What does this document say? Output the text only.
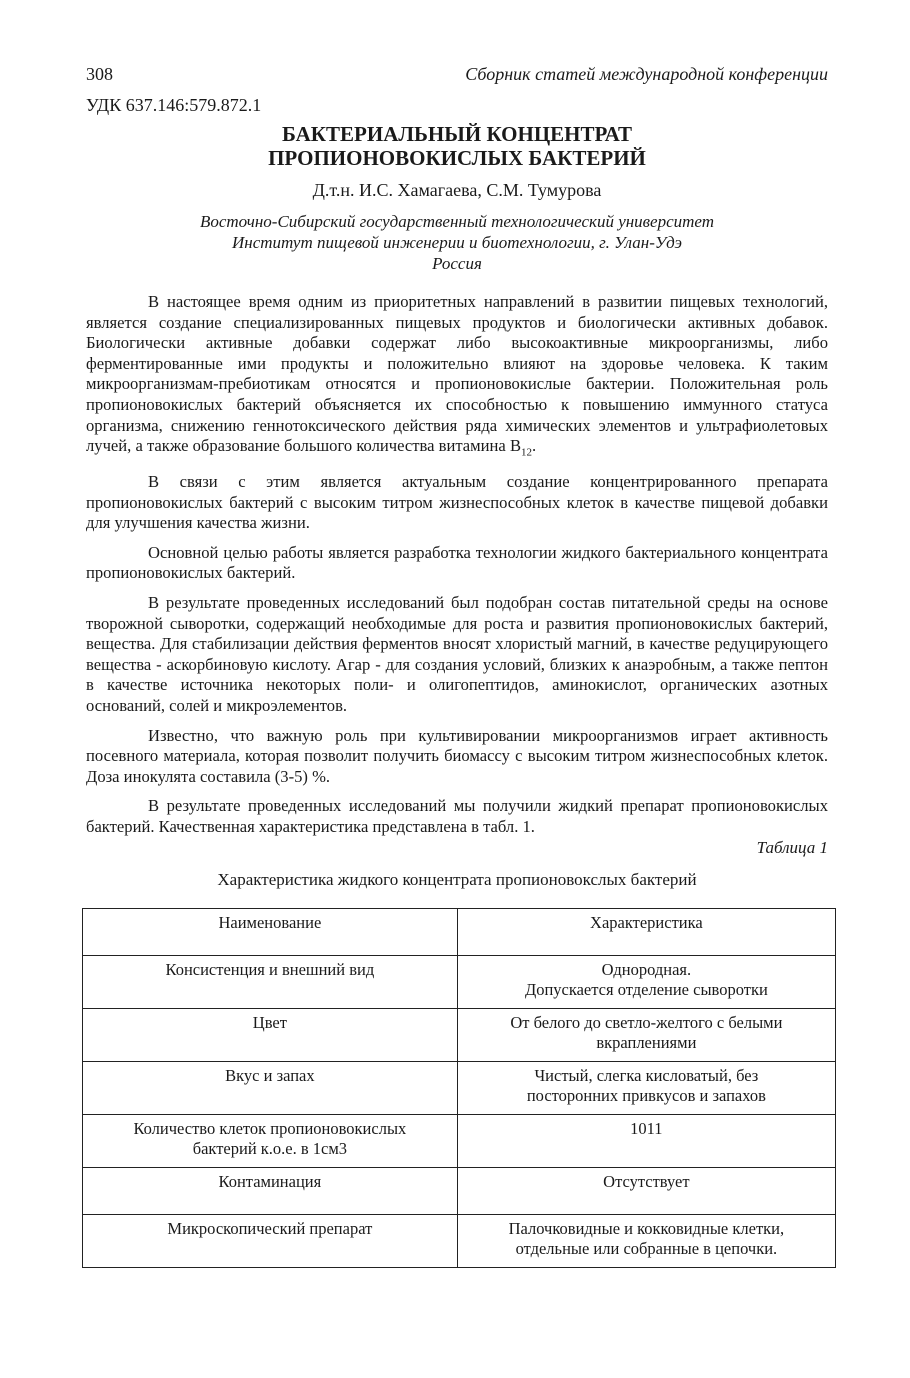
308	Сборник статей международной конференции
УДК 637.146:579.872.1
БАКТЕРИАЛЬНЫЙ КОНЦЕНТРАТ
ПРОПИОНОВОКИСЛЫХ БАКТЕРИЙ
Д.т.н. И.С. Хамагаева, С.М. Тумурова
Восточно-Сибирский государственный технологический университет
Институт пищевой инженерии и биотехнологии, г. Улан-Удэ
Россия

В настоящее время одним из приоритетных направлений в развитии пищевых технологий, является создание специализированных пищевых продуктов и биологически активных добавок. Биологически активные добавки содержат либо высокоактивные микроорганизмы, либо ферментированные ими продукты и положительно влияют на здоровье человека. К таким микроорганизмам-пребиотикам относятся и пропионовокислые бактерии. Положительная роль пропионовокислых бактерий объясняется их способностью к повышению иммунного статуса организма, снижению геннотоксического действия ряда химических элементов и ультрафиолетовых лучей, а также образование большого количества витамина $B_{12}$.

В связи с этим является актуальным создание концентрированного препарата пропионовокислых бактерий с высоким титром жизнеспособных клеток в качестве пищевой добавки для улучшения качества жизни.

Основной целью работы является разработка технологии жидкого бактериального концентрата пропионовокислых бактерий.

В результате проведенных исследований был подобран состав питательной среды на основе творожной сыворотки, содержащий необходимые для роста и развития пропионовокислых бактерий, вещества. Для стабилизации действия ферментов вносят хлористый магний, в качестве редуцирующего вещества - аскорбиновую кислоту. Агар - для создания условий, близких к анаэробным, а также пептон в качестве источника некоторых поли- и олигопептидов, аминокислот, органических азотных оснований, солей и микроэлементов.

Известно, что важную роль при культивировании микроорганизмов играет активность посевного материала, которая позволит получить биомассу с высоким титром жизнеспособных клеток. Доза инокулята составила (3-5) %.

В результате проведенных исследований мы получили жидкий препарат пропионовокислых бактерий. Качественная характеристика представлена в табл. 1.

Таблица 1
Характеристика жидкого концентрата пропионовокслых бактерий
Наименование	Характеристика
Консистенция и внешний вид	Однородная.
Допускается отделение сыворотки

Цвет	От белого до светло-желтого с белыми
вкраплениями

Вкус и запах	Чистый, слегка кисловатый, без
посторонних привкусов и запахов

Количество клеток пропионовокислых
бактерий к.о.е. в 1см3	1011

Контаминация	Отсутствует

Микроскопический препарат	Палочковидные и кокковидные клетки,
отдельные или собранные в цепочки.
